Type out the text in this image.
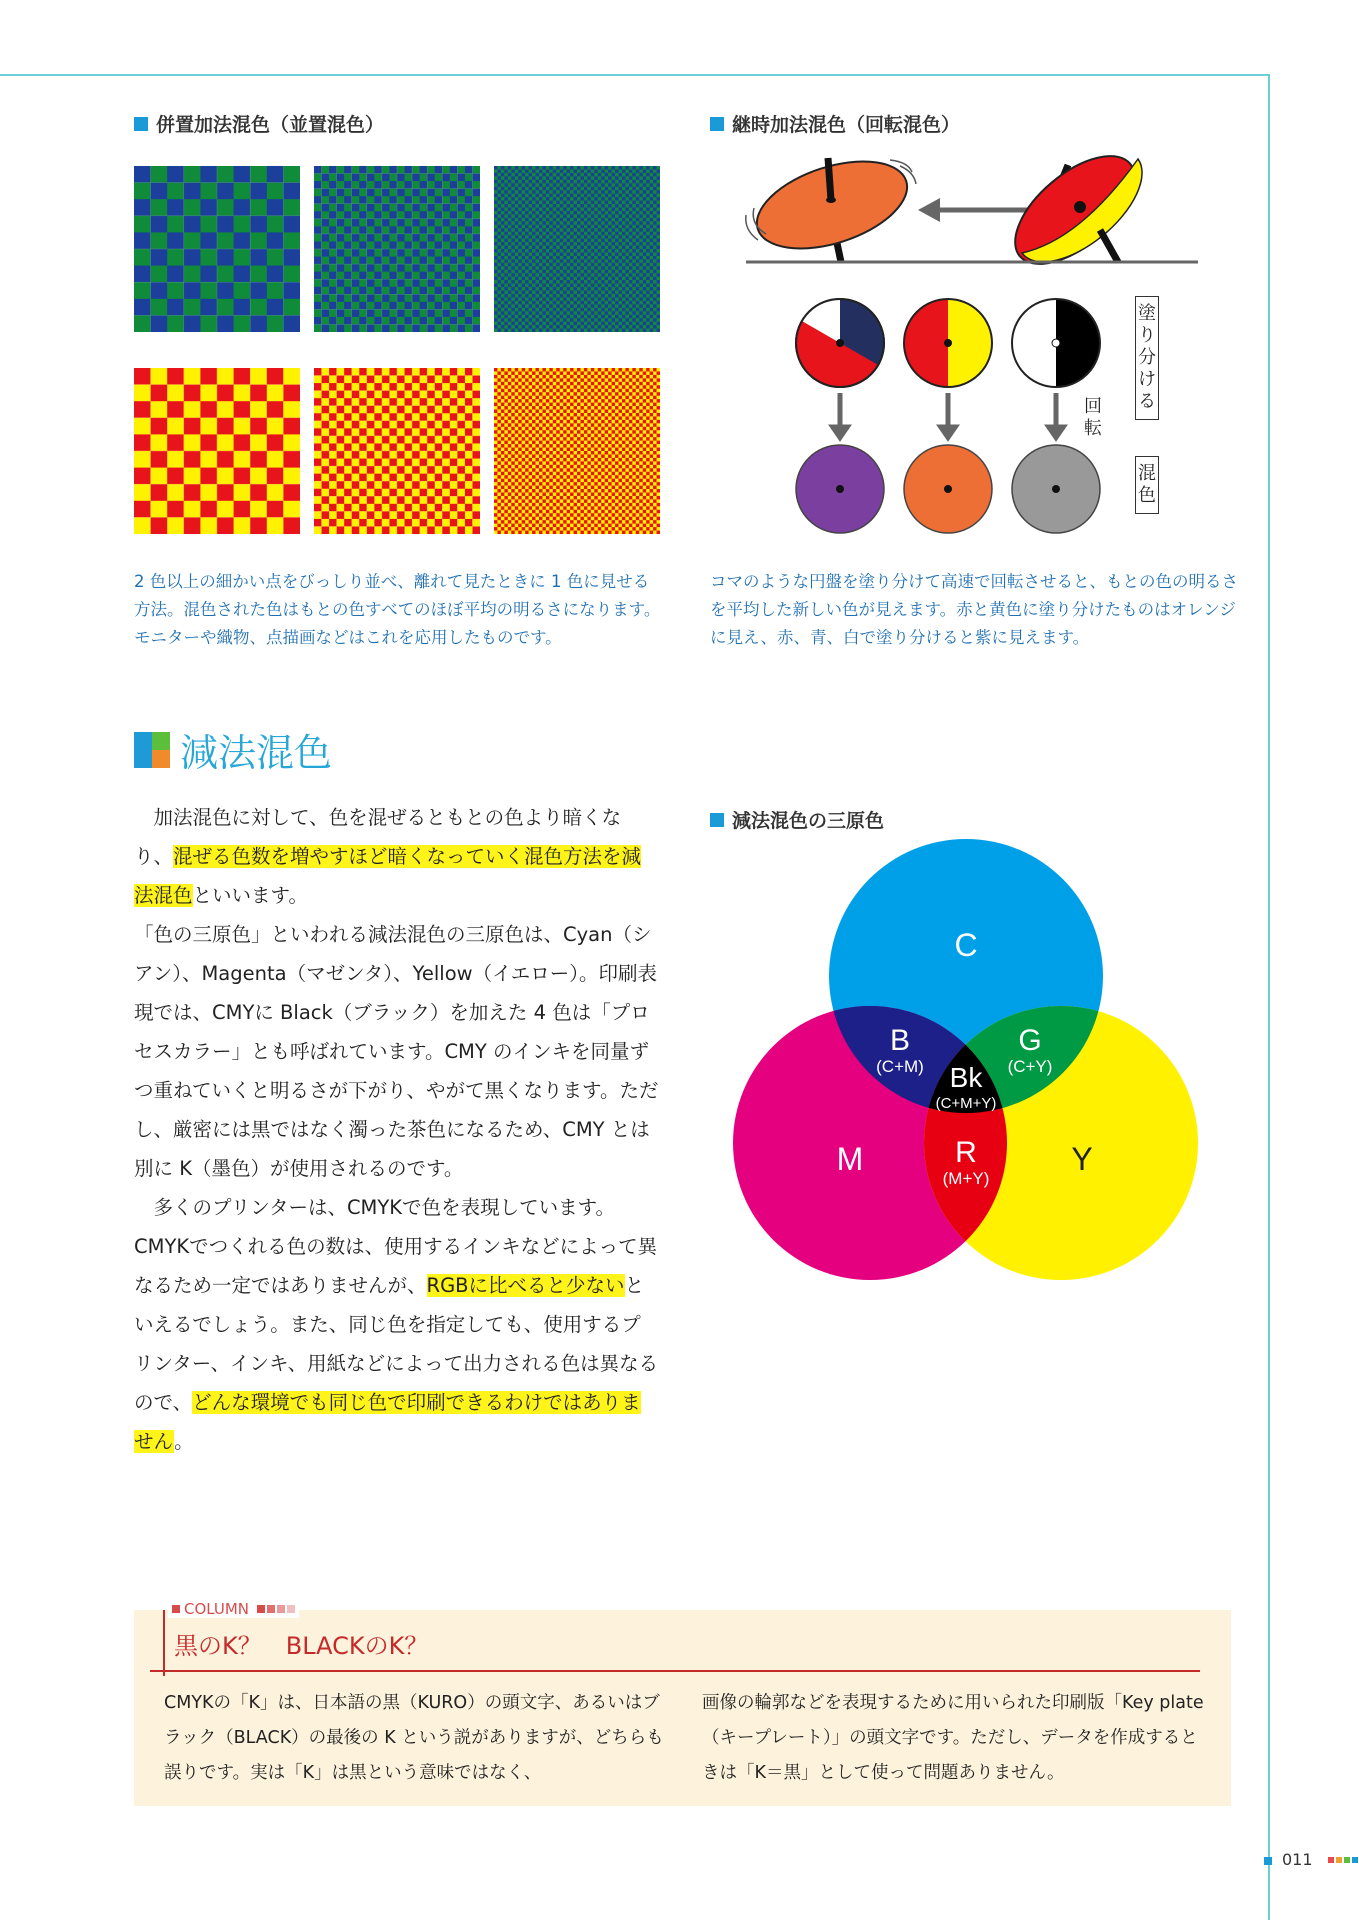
併置加法混色（並置混色）
2 色以上の細かい点をびっしり並べ、離れて見たときに 1 色に見せる方法。混色された色はもとの色すべてのほぼ平均の明るさになります。モニターや織物、点描画などはこれを応用したものです。
継時加法混色（回転混色）
塗
り
分
け
る
回
転
混
色
コマのような円盤を塗り分けて高速で回転させると、もとの色の明るさを平均した新しい色が見えます。赤と黄色に塗り分けたものはオレンジに見え、赤、青、白で塗り分けると紫に見えます。
減法混色

　加法混色に対して、色を混ぜるともとの色より暗くなり、混ぜる色数を増やすほど暗くなっていく混色方法を減法混色といいます。

「色の三原色」といわれる減法混色の三原色は、Cyan（シアン）、Magenta（マゼンタ）、Yellow（イエロー）。印刷表現では、CMYに Black（ブラック）を加えた 4 色は「プロセスカラー」とも呼ばれています。CMY のインキを同量ずつ重ねていくと明るさが下がり、やがて黒くなります。ただし、厳密には黒ではなく濁った茶色になるため、CMY とは別に K（墨色）が使用されるのです。

　多くのプリンターは、CMYKで色を表現しています。CMYKでつくれる色の数は、使用するインキなどによって異なるため一定ではありませんが、RGBに比べると少ないといえるでしょう。また、同じ色を指定しても、使用するプリンター、インキ、用紙などによって出力される色は異なるので、どんな環境でも同じ色で印刷できるわけではありません。

減法混色の三原色
C
M	Y
B
(C+M)
G
(C+Y)
Bk
(C+M+Y)
R
(M+Y)
COLUMN
黒のK？　BLACKのK？
CMYKの「K」は、日本語の黒（KURO）の頭文字、あるいはブラック（BLACK）の最後の K という説がありますが、どちらも誤りです。実は「K」は黒という意味ではなく、
画像の輪郭などを表現するために用いられた印刷版「Key plate（キープレート）」の頭文字です。ただし、データを作成するときは「K＝黒」として使って問題ありません。
011
